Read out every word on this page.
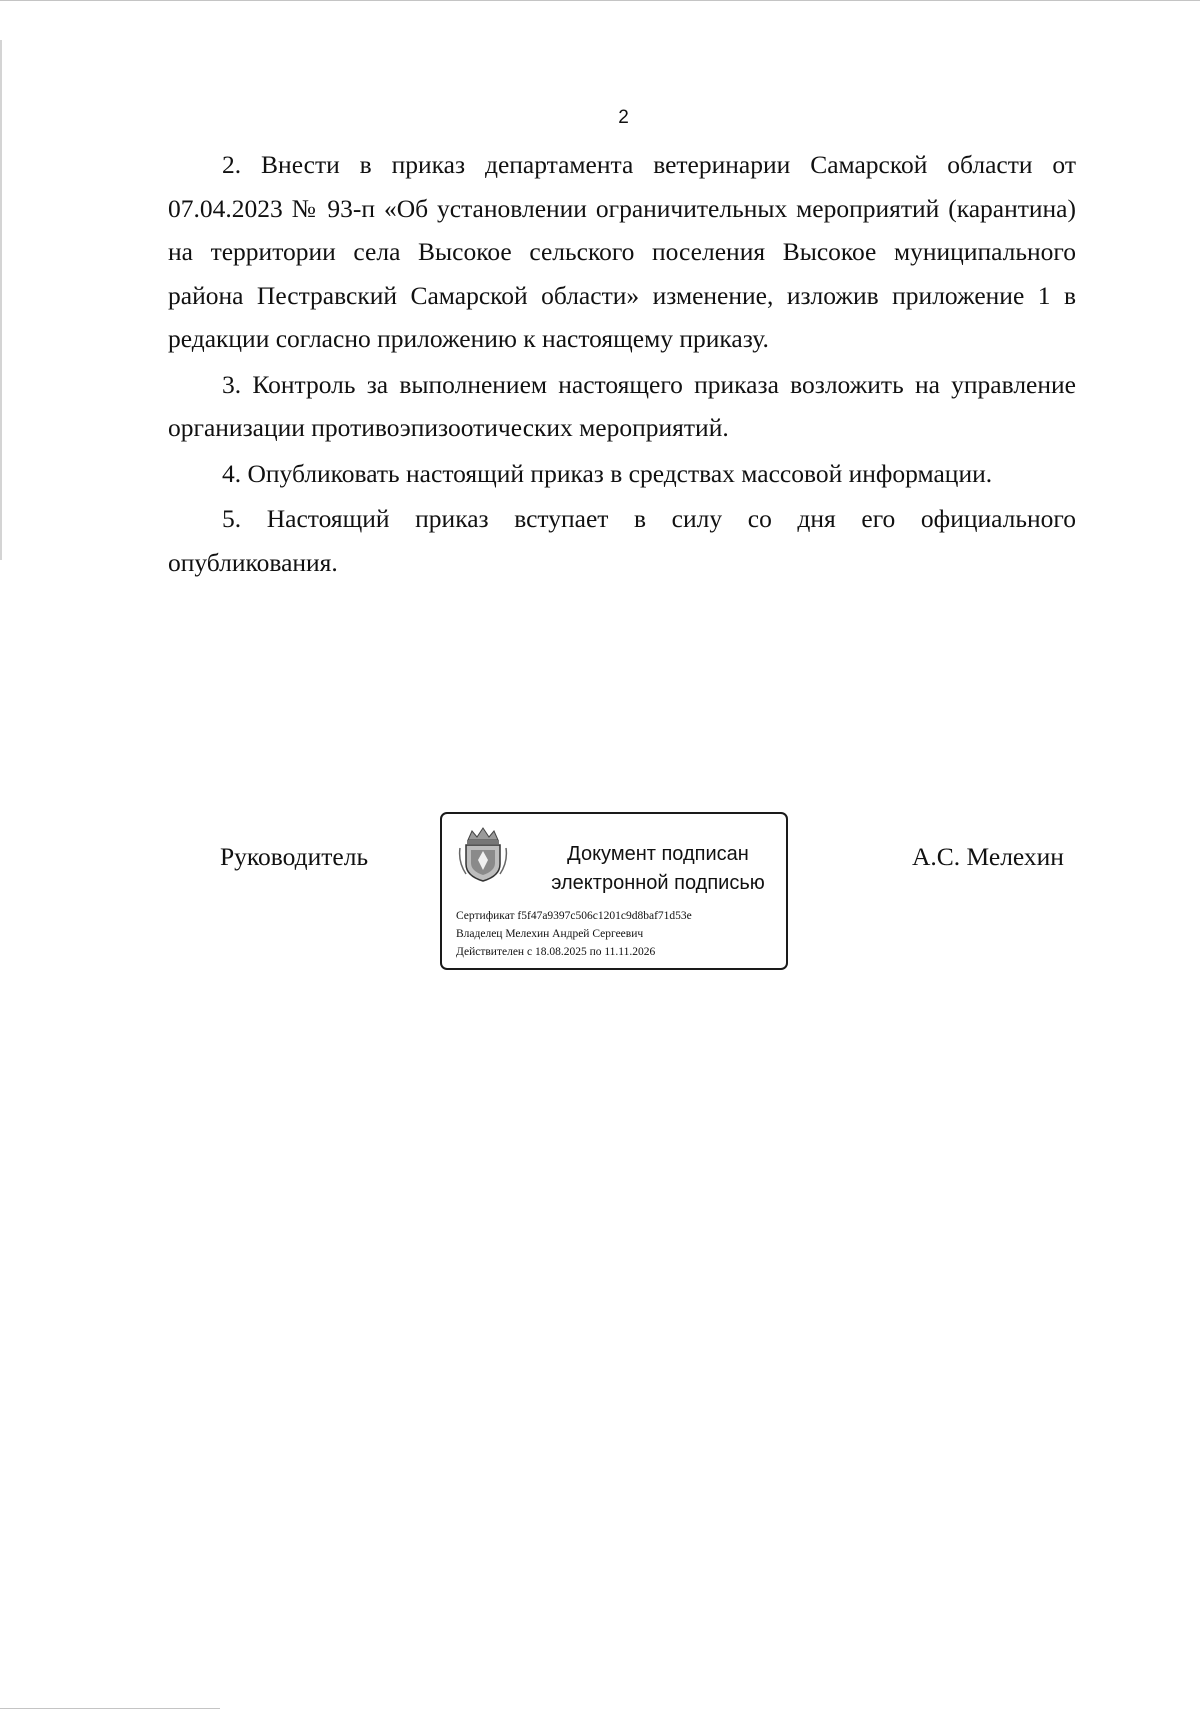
2

2. Внести в приказ департамента ветеринарии Самарской области от 07.04.2023 № 93-п «Об установлении ограничительных мероприятий (карантина) на территории села Высокое сельского поселения Высокое муниципального района Пестравский Самарской области» изменение, изложив приложение 1 в редакции согласно приложению к настоящему приказу.

3. Контроль за выполнением настоящего приказа возложить на управление организации противоэпизоотических мероприятий.

4. Опубликовать настоящий приказ в средствах массовой информации.

5. Настоящий приказ вступает в силу со дня его официального опубликования.

Руководитель	Документ подписан
электронной подписью
Сертификат f5f47a9397c506c1201c9d8baf71d53e
Владелец Мелехин Андрей Сергеевич
Действителен с 18.08.2025 по 11.11.2026
А.С. Мелехин
